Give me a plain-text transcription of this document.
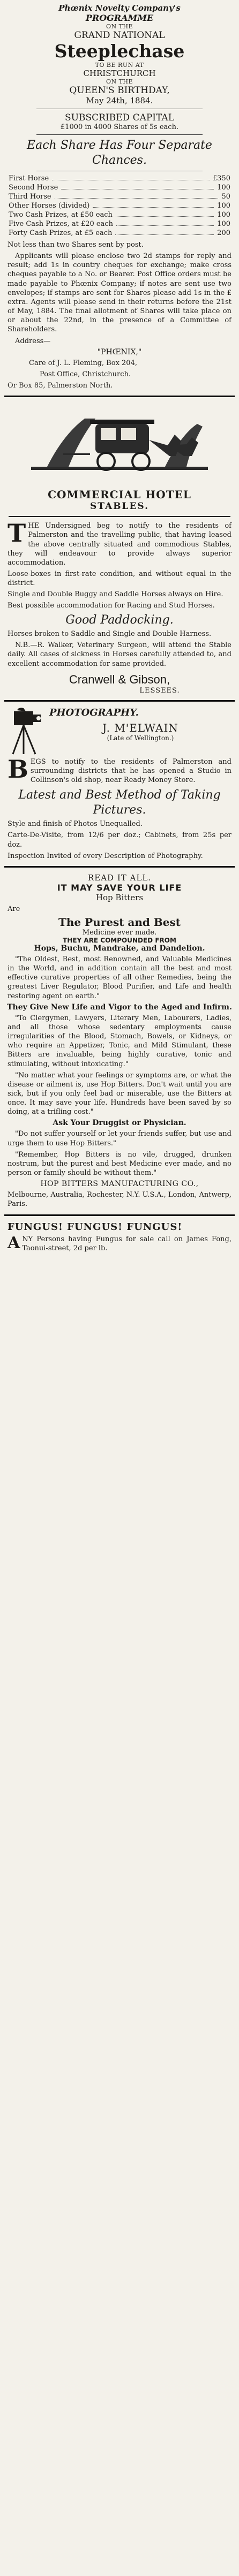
Phœnix Novelty Company's
PROGRAMME
ON THE
GRAND NATIONAL
Steeplechase
TO BE RUN AT
CHRISTCHURCH
ON THE
QUEEN'S BIRTHDAY,
May 24th, 1884.
SUBSCRIBED CAPITAL
£1000 in 4000 Shares of 5s each.
Each Share Has Four Separate Chances.
First Horse	£350
Second Horse	100
Third Horse	50
Other Horses (divided)	100
Two Cash Prizes, at £50 each	100
Five Cash Prizes, at £20 each	100
Forty Cash Prizes, at £5 each	200
Not less than two Shares sent by post.
Applicants will please enclose two 2d stamps for reply and result; add 1s in country cheques for exchange; make cross cheques payable to a No. or Bearer. Post Office orders must be made payable to Phœnix Company; if notes are sent use two envelopes; if stamps are sent for Shares please add 1s in the £ extra. Agents will please send in their returns before the 21st of May, 1884. The final allotment of Shares will take place on or about the 22nd, in the presence of a Committee of Shareholders.
Address—
"PHŒNIX,"
Care of J. L. Fleming, Box 204,
Post Office, Christchurch.
Or Box 85, Palmerston North.
COMMERCIAL HOTEL
STABLES.
THE Undersigned beg to notify to the residents of Palmerston and the travelling public, that having leased the above centrally situated and commodious Stables, they will endeavour to provide always superior accommodation.
Loose-boxes in first-rate condition, and without equal in the district.
Single and Double Buggy and Saddle Horses always on Hire.
Best possible accommodation for Racing and Stud Horses.
Good Paddocking.
Horses broken to Saddle and Single and Double Harness.
N.B.—R. Walker, Veterinary Surgeon, will attend the Stable daily. All cases of sickness in Horses carefully attended to, and excellent accommodation for same provided.
Cranwell & Gibson,
LESSEES.
PHOTOGRAPHY.
J. M'ELWAIN
(Late of Wellington.)
BEGS to notify to the residents of Palmerston and surrounding districts that he has opened a Studio in Collinson's old shop, near Ready Money Store.
Latest and Best Method of Taking Pictures.
Style and finish of Photos Unequalled.
Carte-De-Visite, from 12/6 per doz.; Cabinets, from 25s per doz.
Inspection Invited of every Description of Photography.
READ IT ALL.
IT MAY SAVE YOUR LIFE
Hop Bitters
Are
The Purest and Best
Medicine ever made.
THEY ARE COMPOUNDED FROM
Hops, Buchu, Mandrake, and Dandelion.
"The Oldest, Best, most Renowned, and Valuable Medicines in the World, and in addition contain all the best and most effective curative properties of all other Remedies, being the greatest Liver Regulator, Blood Purifier, and Life and health restoring agent on earth."
They Give New Life and Vigor to the Aged and Infirm.
"To Clergymen, Lawyers, Literary Men, Labourers, Ladies, and all those whose sedentary employments cause irregularities of the Blood, Stomach, Bowels, or Kidneys, or who require an Appetizer, Tonic, and Mild Stimulant, these Bitters are invaluable, being highly curative, tonic and stimulating, without intoxicating."
"No matter what your feelings or symptoms are, or what the disease or ailment is, use Hop Bitters. Don't wait until you are sick, but if you only feel bad or miserable, use the Bitters at once. It may save your life. Hundreds have been saved by so doing, at a trifling cost."
Ask Your Druggist or Physician.
"Do not suffer yourself or let your friends suffer, but use and urge them to use Hop Bitters."
"Remember, Hop Bitters is no vile, drugged, drunken nostrum, but the purest and best Medicine ever made, and no person or family should be without them."
HOP BITTERS MANUFACTURING CO.,
Melbourne, Australia, Rochester, N.Y. U.S.A., London, Antwerp, Paris.
FUNGUS! FUNGUS! FUNGUS!
ANY Persons having Fungus for sale call on James Fong, Taonui-street, 2d per lb.
